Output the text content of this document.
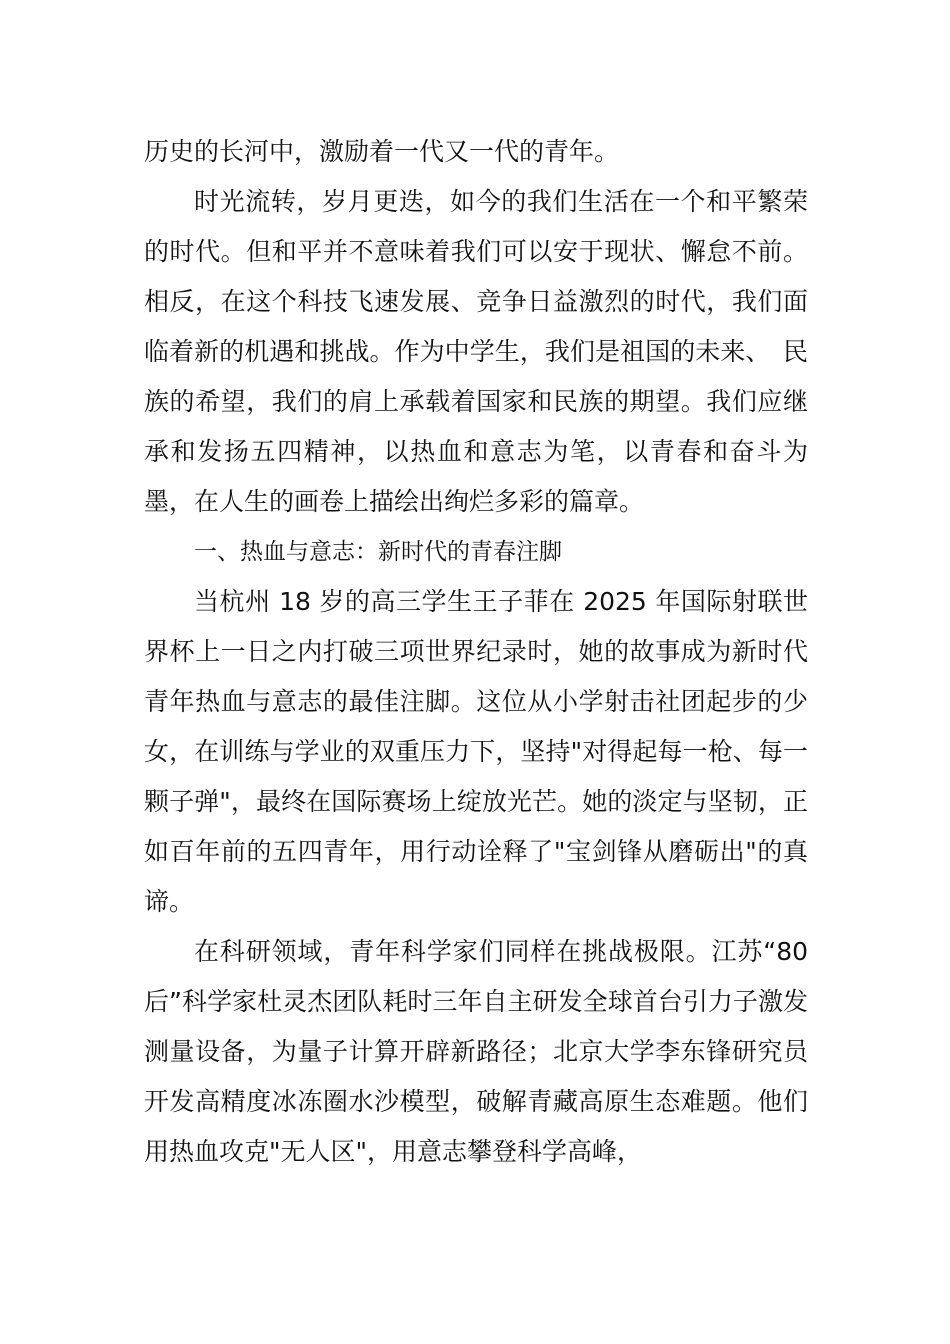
历史的长河中，激励着一代又一代的青年。

时光流转，岁月更迭，如今的我们生活在一个和平繁荣的时代。但和平并不意味着我们可以安于现状、懈怠不前。相反，在这个科技飞速发展、竞争日益激烈的时代，我们面临着新的机遇和挑战。作为中学生，我们是祖国的未来、　民族的希望，我们的肩上承载着国家和民族的期望。我们应继承和发扬五四精神，以热血和意志为笔，以青春和奋斗为墨，在人生的画卷上描绘出绚烂多彩的篇章。

一、热血与意志：新时代的青春注脚

当杭州 18 岁的高三学生王子菲在 2025 年国际射联世界杯上一日之内打破三项世界纪录时，她的故事成为新时代青年热血与意志的最佳注脚。这位从小学射击社团起步的少女，在训练与学业的双重压力下，坚持"对得起每一枪、每一颗子弹"，最终在国际赛场上绽放光芒。她的淡定与坚韧，正如百年前的五四青年，用行动诠释了"宝剑锋从磨砺出"的真谛。

在科研领域，青年科学家们同样在挑战极限。江苏“80 后”科学家杜灵杰团队耗时三年自主研发全球首台引力子激发测量设备，为量子计算开辟新路径；北京大学李东锋研究员开发高精度冰冻圈水沙模型，破解青藏高原生态难题。他们用热血攻克"无人区"，用意志攀登科学高峰，
